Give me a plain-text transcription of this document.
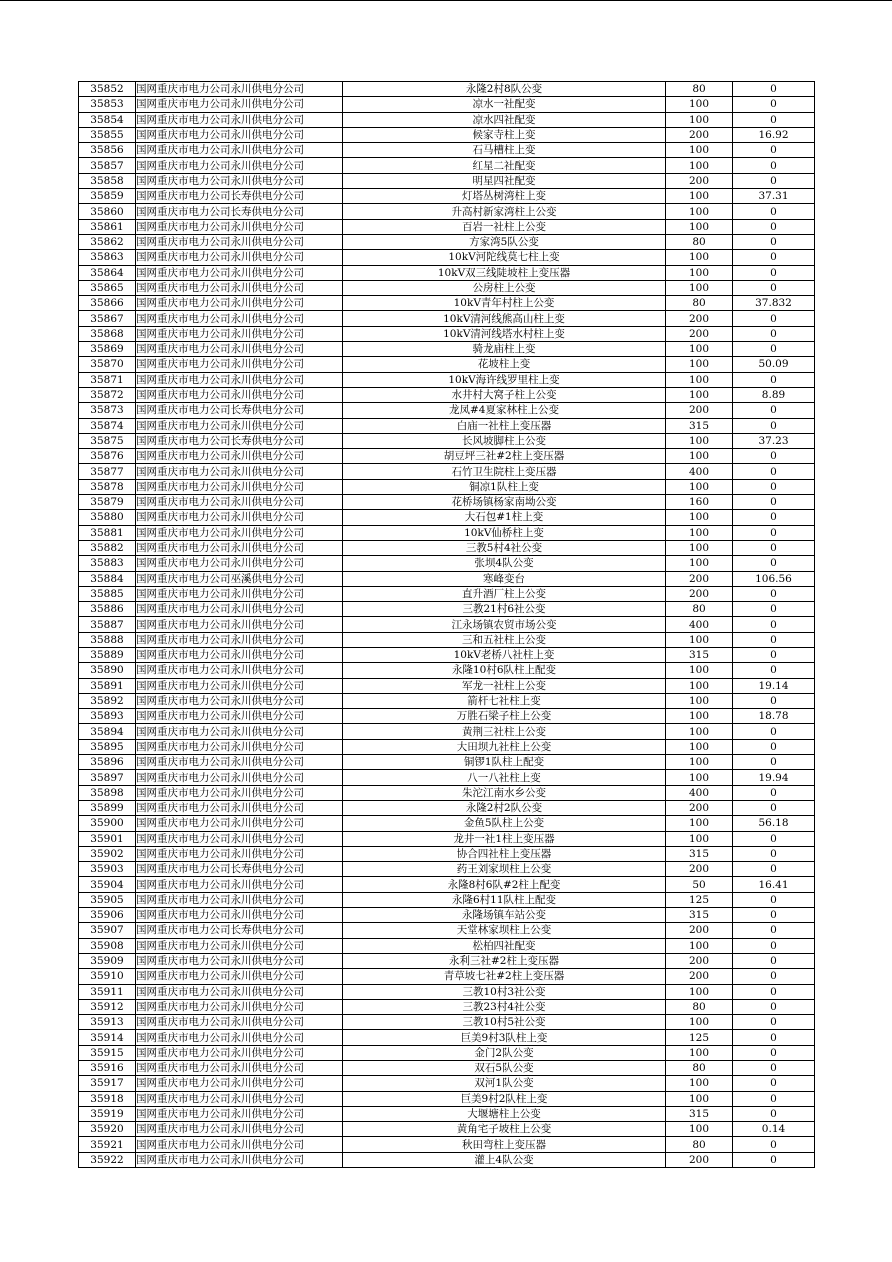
35852	国网重庆市电力公司永川供电分公司	永隆2村8队公变	80	0
35853	国网重庆市电力公司永川供电分公司	凉水一社配变	100	0
35854	国网重庆市电力公司永川供电分公司	凉水四社配变	100	0
35855	国网重庆市电力公司永川供电分公司	候家寺柱上变	200	16.92
35856	国网重庆市电力公司永川供电分公司	石马槽柱上变	100	0
35857	国网重庆市电力公司永川供电分公司	红星二社配变	100	0
35858	国网重庆市电力公司永川供电分公司	明星四社配变	200	0
35859	国网重庆市电力公司长寿供电分公司	灯塔丛树湾柱上变	100	37.31
35860	国网重庆市电力公司长寿供电分公司	升高村新家湾柱上公变	100	0
35861	国网重庆市电力公司永川供电分公司	百岩一社柱上公变	100	0
35862	国网重庆市电力公司永川供电分公司	方家湾5队公变	80	0
35863	国网重庆市电力公司永川供电分公司	10kV河陀线莫七柱上变	100	0
35864	国网重庆市电力公司永川供电分公司	10kV双三线陡坡柱上变压器	100	0
35865	国网重庆市电力公司永川供电分公司	公房柱上公变	100	0
35866	国网重庆市电力公司永川供电分公司	10kV青年村柱上公变	80	37.832
35867	国网重庆市电力公司永川供电分公司	10kV清河线熊高山柱上变	200	0
35868	国网重庆市电力公司永川供电分公司	10kV清河线塔水村柱上变	200	0
35869	国网重庆市电力公司永川供电分公司	骑龙庙柱上变	100	0
35870	国网重庆市电力公司永川供电分公司	花坡柱上变	100	50.09
35871	国网重庆市电力公司永川供电分公司	10kV海许线罗里柱上变	100	0
35872	国网重庆市电力公司永川供电分公司	水井村大窝子柱上公变	100	8.89
35873	国网重庆市电力公司长寿供电分公司	龙凤#4夏家林柱上公变	200	0
35874	国网重庆市电力公司永川供电分公司	白庙一社柱上变压器	315	0
35875	国网重庆市电力公司长寿供电分公司	长风坡脚柱上公变	100	37.23
35876	国网重庆市电力公司永川供电分公司	胡豆坪三社#2柱上变压器	100	0
35877	国网重庆市电力公司永川供电分公司	石竹卫生院柱上变压器	400	0
35878	国网重庆市电力公司永川供电分公司	铜凉1队柱上变	100	0
35879	国网重庆市电力公司永川供电分公司	花桥场镇杨家南坳公变	160	0
35880	国网重庆市电力公司永川供电分公司	大石包#1柱上变	100	0
35881	国网重庆市电力公司永川供电分公司	10kV仙桥柱上变	100	0
35882	国网重庆市电力公司永川供电分公司	三教5村4社公变	100	0
35883	国网重庆市电力公司永川供电分公司	张坝4队公变	100	0
35884	国网重庆市电力公司巫溪供电分公司	寒峰变台	200	106.56
35885	国网重庆市电力公司永川供电分公司	直升酒厂柱上公变	200	0
35886	国网重庆市电力公司永川供电分公司	三教21村6社公变	80	0
35887	国网重庆市电力公司永川供电分公司	江永场镇农贸市场公变	400	0
35888	国网重庆市电力公司永川供电分公司	三和五社柱上公变	100	0
35889	国网重庆市电力公司永川供电分公司	10kV老桥八社柱上变	315	0
35890	国网重庆市电力公司永川供电分公司	永隆10村6队柱上配变	100	0
35891	国网重庆市电力公司永川供电分公司	军龙一社柱上公变	100	19.14
35892	国网重庆市电力公司永川供电分公司	箭杆七社柱上变	100	0
35893	国网重庆市电力公司永川供电分公司	万胜石梁子柱上公变	100	18.78
35894	国网重庆市电力公司永川供电分公司	黄荆三社柱上公变	100	0
35895	国网重庆市电力公司永川供电分公司	大田坝九社柱上公变	100	0
35896	国网重庆市电力公司永川供电分公司	铜锣1队柱上配变	100	0
35897	国网重庆市电力公司永川供电分公司	八一八社柱上变	100	19.94
35898	国网重庆市电力公司永川供电分公司	朱沱江南水乡公变	400	0
35899	国网重庆市电力公司永川供电分公司	永隆2村2队公变	200	0
35900	国网重庆市电力公司永川供电分公司	金鱼5队柱上公变	100	56.18
35901	国网重庆市电力公司永川供电分公司	龙井一社1柱上变压器	100	0
35902	国网重庆市电力公司永川供电分公司	协合四社柱上变压器	315	0
35903	国网重庆市电力公司长寿供电分公司	药王刘家坝柱上公变	200	0
35904	国网重庆市电力公司永川供电分公司	永隆8村6队#2柱上配变	50	16.41
35905	国网重庆市电力公司永川供电分公司	永隆6村11队柱上配变	125	0
35906	国网重庆市电力公司永川供电分公司	永隆场镇车站公变	315	0
35907	国网重庆市电力公司长寿供电分公司	天堂林家坝柱上公变	200	0
35908	国网重庆市电力公司永川供电分公司	松柏四社配变	100	0
35909	国网重庆市电力公司永川供电分公司	永利三社#2柱上变压器	200	0
35910	国网重庆市电力公司永川供电分公司	青草坡七社#2柱上变压器	200	0
35911	国网重庆市电力公司永川供电分公司	三教10村3社公变	100	0
35912	国网重庆市电力公司永川供电分公司	三教23村4社公变	80	0
35913	国网重庆市电力公司永川供电分公司	三教10村5社公变	100	0
35914	国网重庆市电力公司永川供电分公司	巨美9村3队柱上变	125	0
35915	国网重庆市电力公司永川供电分公司	金门2队公变	100	0
35916	国网重庆市电力公司永川供电分公司	双石5队公变	80	0
35917	国网重庆市电力公司永川供电分公司	双河1队公变	100	0
35918	国网重庆市电力公司永川供电分公司	巨美9村2队柱上变	100	0
35919	国网重庆市电力公司永川供电分公司	大堰塘柱上公变	315	0
35920	国网重庆市电力公司永川供电分公司	黄角宅子坡柱上公变	100	0.14
35921	国网重庆市电力公司永川供电分公司	秋田弯柱上变压器	80	0
35922	国网重庆市电力公司永川供电分公司	灌上4队公变	200	0
